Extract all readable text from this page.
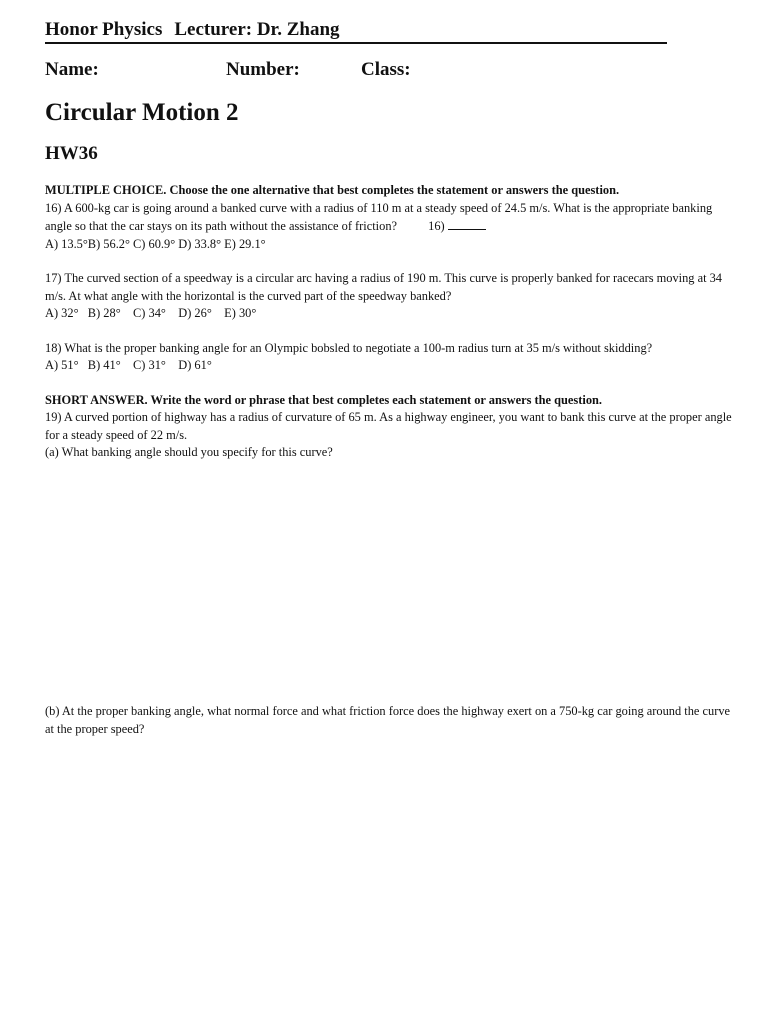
Honor Physics Lecturer: Dr. Zhang
Name:	Number:	Class:
Circular Motion 2
HW36
MULTIPLE CHOICE. Choose the one alternative that best completes the statement or answers the question.
16) A 600-kg car is going around a banked curve with a radius of 110 m at a steady speed of 24.5 m/s. What is the appropriate banking angle so that the car stays on its path without the assistance of friction?	16)
A) 13.5°B) 56.2° C) 60.9° D) 33.8° E) 29.1°
17) The curved section of a speedway is a circular arc having a radius of 190 m. This curve is properly banked for racecars moving at 34 m/s. At what angle with the horizontal is the curved part of the speedway banked?
A) 32°   B) 28°    C) 34°    D) 26°    E) 30°
18) What is the proper banking angle for an Olympic bobsled to negotiate a 100-m radius turn at 35 m/s without skidding?
A) 51°   B) 41°    C) 31°    D) 61°
SHORT ANSWER. Write the word or phrase that best completes each statement or answers the question.
19) A curved portion of highway has a radius of curvature of 65 m. As a highway engineer, you want to bank this curve at the proper angle for a steady speed of 22 m/s.
(a) What banking angle should you specify for this curve?
(b) At the proper banking angle, what normal force and what friction force does the highway exert on a 750-kg car going around the curve at the proper speed?
